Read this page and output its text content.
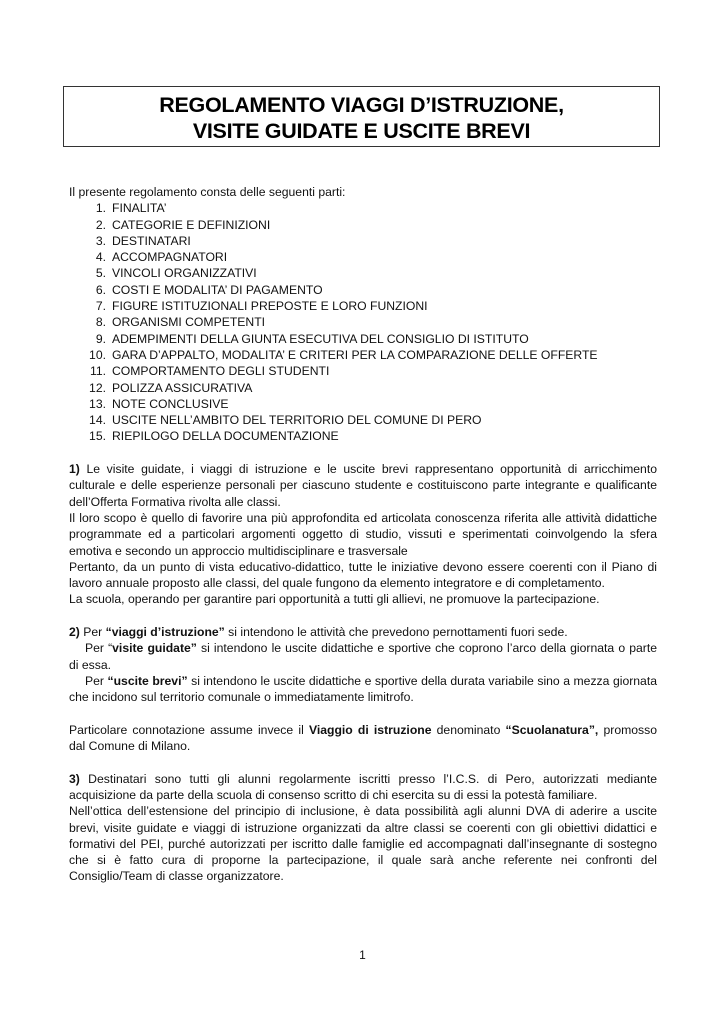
REGOLAMENTO VIAGGI D’ISTRUZIONE,
VISITE GUIDATE E USCITE BREVI

Il presente regolamento consta delle seguenti parti:

1. FINALITA’
2. CATEGORIE E DEFINIZIONI
3. DESTINATARI
4. ACCOMPAGNATORI
5. VINCOLI ORGANIZZATIVI
6. COSTI E MODALITA’ DI PAGAMENTO
7. FIGURE ISTITUZIONALI PREPOSTE E LORO FUNZIONI
8. ORGANISMI COMPETENTI
9. ADEMPIMENTI DELLA GIUNTA ESECUTIVA DEL CONSIGLIO DI ISTITUTO
10. GARA D’APPALTO, MODALITA’ E CRITERI PER LA COMPARAZIONE DELLE OFFERTE
11. COMPORTAMENTO DEGLI STUDENTI
12. POLIZZA ASSICURATIVA
13. NOTE CONCLUSIVE
14. USCITE NELL’AMBITO DEL TERRITORIO DEL COMUNE DI PERO
15. RIEPILOGO DELLA DOCUMENTAZIONE

1) Le visite guidate, i viaggi di istruzione e le uscite brevi rappresentano opportunità di arricchimento culturale e delle esperienze personali per ciascuno studente e costituiscono parte integrante e qualificante dell’Offerta Formativa rivolta alle classi.

Il loro scopo è quello di favorire una più approfondita ed articolata conoscenza riferita alle attività didattiche programmate ed a particolari argomenti oggetto di studio, vissuti e sperimentati coinvolgendo la sfera emotiva e secondo un approccio multidisciplinare e trasversale

Pertanto, da un punto di vista educativo-didattico, tutte le iniziative devono essere coerenti con il Piano di lavoro annuale proposto alle classi, del quale fungono da elemento integratore e di completamento.

La scuola, operando per garantire pari opportunità a tutti gli allievi, ne promuove la partecipazione.

2) Per “viaggi d’istruzione” si intendono le attività che prevedono pernottamenti fuori sede.

Per “visite guidate” si intendono le uscite didattiche e sportive che coprono l’arco della giornata o parte di essa.

Per “uscite brevi” si intendono le uscite didattiche e sportive della durata variabile sino a mezza giornata che incidono sul territorio comunale o immediatamente limitrofo.

Particolare connotazione assume invece il Viaggio di istruzione denominato “Scuolanatura”, promosso dal Comune di Milano.

3) Destinatari sono tutti gli alunni regolarmente iscritti presso l’I.C.S. di Pero, autorizzati mediante acquisizione da parte della scuola di consenso scritto di chi esercita su di essi la potestà familiare.

Nell’ottica dell’estensione del principio di inclusione, è data possibilità agli alunni DVA di aderire a uscite brevi, visite guidate e viaggi di istruzione organizzati da altre classi se coerenti con gli obiettivi didattici e formativi del PEI, purché autorizzati per iscritto dalle famiglie ed accompagnati dall’insegnante di sostegno che si è fatto cura di proporne la partecipazione, il quale sarà anche referente nei confronti del Consiglio/Team di classe organizzatore.

1
